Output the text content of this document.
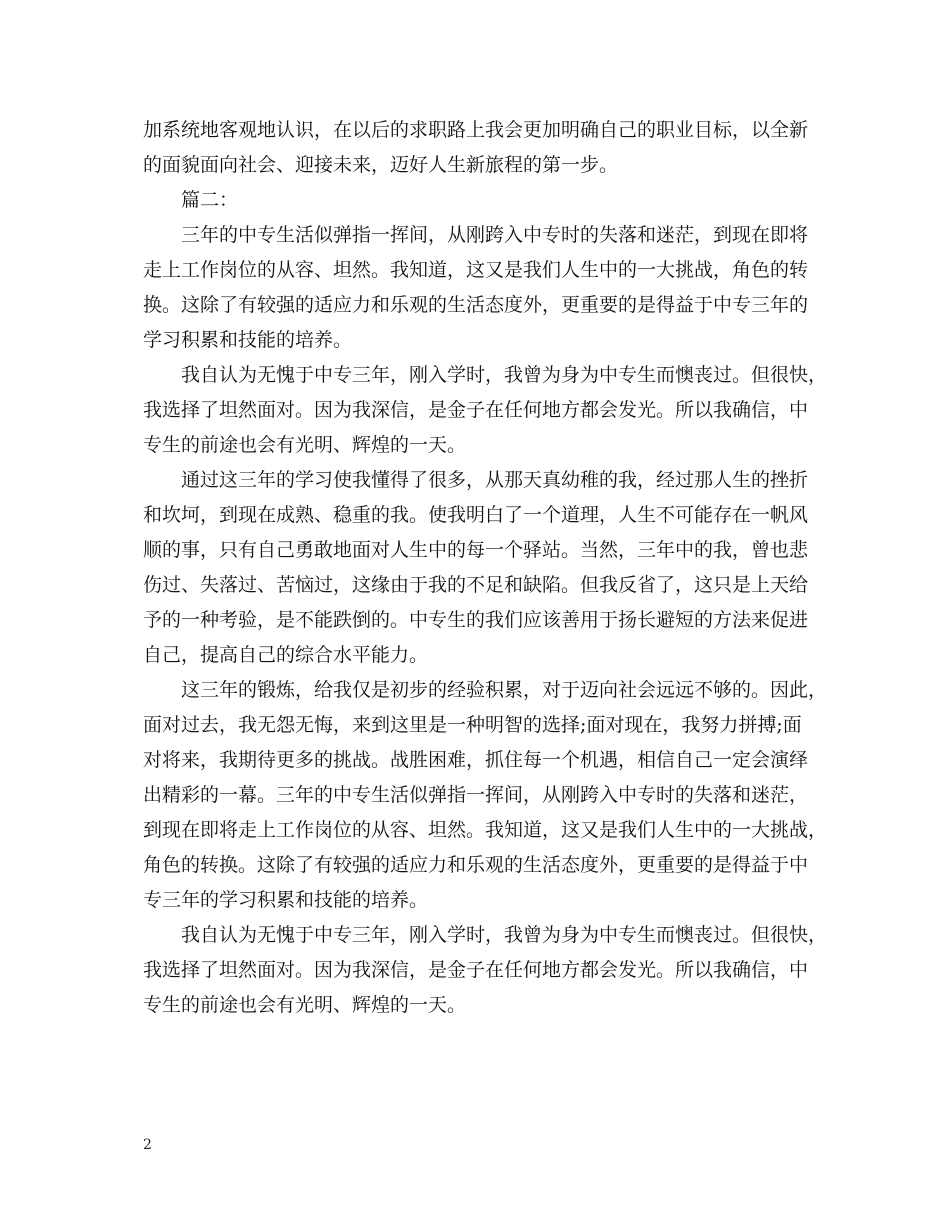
加系统地客观地认识，在以后的求职路上我会更加明确自己的职业目标，以全新
的面貌面向社会、迎接未来，迈好人生新旅程的第一步。
篇二：
三年的中专生活似弹指一挥间，从刚跨入中专时的失落和迷茫，到现在即将
走上工作岗位的从容、坦然。我知道，这又是我们人生中的一大挑战，角色的转
换。这除了有较强的适应力和乐观的生活态度外，更重要的是得益于中专三年的
学习积累和技能的培养。
我自认为无愧于中专三年，刚入学时，我曾为身为中专生而懊丧过。但很快，
我选择了坦然面对。因为我深信，是金子在任何地方都会发光。所以我确信，中
专生的前途也会有光明、辉煌的一天。
通过这三年的学习使我懂得了很多，从那天真幼稚的我，经过那人生的挫折
和坎坷，到现在成熟、稳重的我。使我明白了一个道理，人生不可能存在一帆风
顺的事，只有自己勇敢地面对人生中的每一个驿站。当然，三年中的我，曾也悲
伤过、失落过、苦恼过，这缘由于我的不足和缺陷。但我反省了，这只是上天给
予的一种考验，是不能跌倒的。中专生的我们应该善用于扬长避短的方法来促进
自己，提高自己的综合水平能力。
这三年的锻炼，给我仅是初步的经验积累，对于迈向社会远远不够的。因此，
面对过去，我无怨无悔，来到这里是一种明智的选择;面对现在，我努力拼搏;面
对将来，我期待更多的挑战。战胜困难，抓住每一个机遇，相信自己一定会演绎
出精彩的一幕。三年的中专生活似弹指一挥间，从刚跨入中专时的失落和迷茫，
到现在即将走上工作岗位的从容、坦然。我知道，这又是我们人生中的一大挑战，
角色的转换。这除了有较强的适应力和乐观的生活态度外，更重要的是得益于中
专三年的学习积累和技能的培养。
我自认为无愧于中专三年，刚入学时，我曾为身为中专生而懊丧过。但很快，
我选择了坦然面对。因为我深信，是金子在任何地方都会发光。所以我确信，中
专生的前途也会有光明、辉煌的一天。
2
